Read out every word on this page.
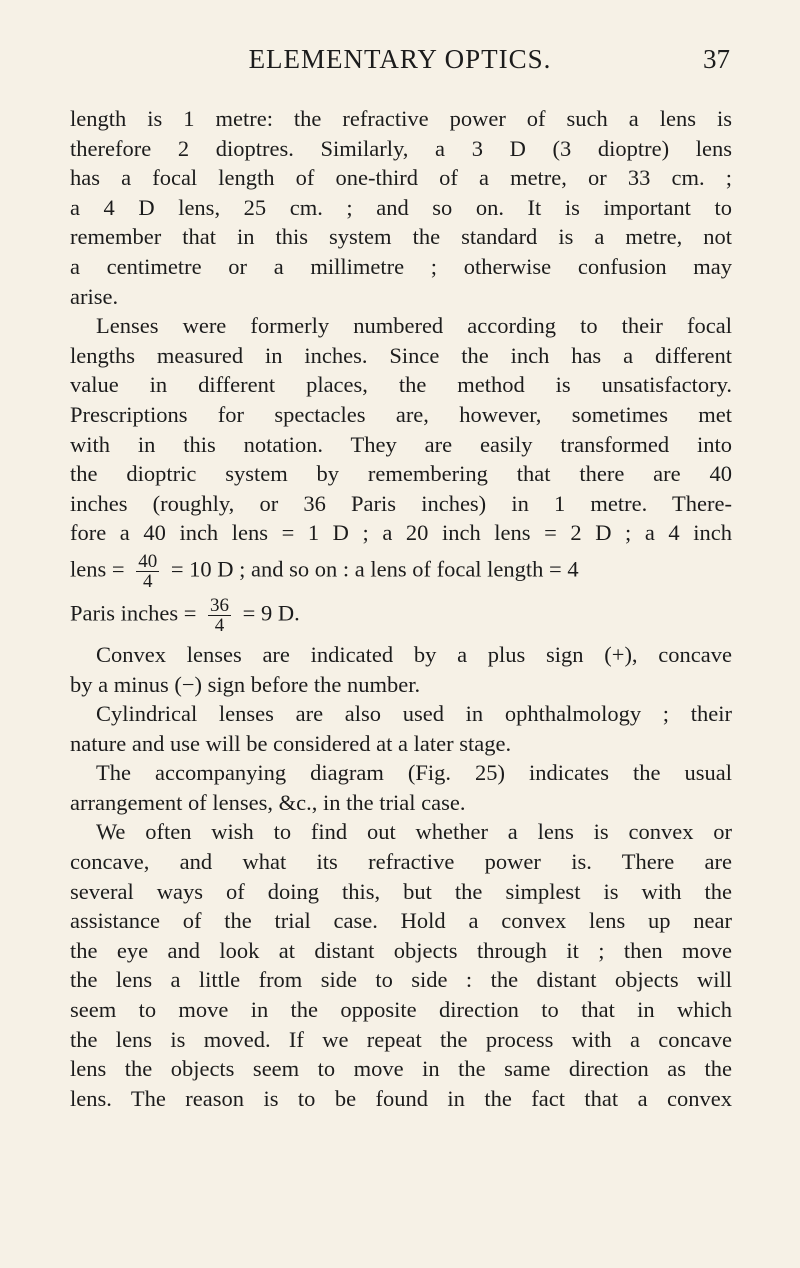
ELEMENTARY OPTICS.	37
length is 1 metre: the refractive power of such a lens is
therefore 2 dioptres. Similarly, a 3 D (3 dioptre) lens
has a focal length of one-third of a metre, or 33 cm. ;
a 4 D lens, 25 cm. ; and so on. It is important to
remember that in this system the standard is a metre, not
a centimetre or a millimetre ; otherwise confusion may
arise.
Lenses were formerly numbered according to their focal
lengths measured in inches. Since the inch has a different
value in different places, the method is unsatisfactory.
Prescriptions for spectacles are, however, sometimes met
with in this notation. They are easily transformed into
the dioptric system by remembering that there are 40
inches (roughly, or 36 Paris inches) in 1 metre. There-
fore a 40 inch lens = 1 D ; a 20 inch lens = 2 D ; a 4 inch
lens = $\frac{40}{4} = 10$ D ; and so on : a lens of focal length = 4
Paris inches = $\frac{36}{4} = 9$ D.
Convex lenses are indicated by a plus sign (+), concave
by a minus (−) sign before the number.
Cylindrical lenses are also used in ophthalmology ; their
nature and use will be considered at a later stage.
The accompanying diagram (Fig. 25) indicates the usual
arrangement of lenses, &c., in the trial case.
We often wish to find out whether a lens is convex or
concave, and what its refractive power is. There are
several ways of doing this, but the simplest is with the
assistance of the trial case. Hold a convex lens up near
the eye and look at distant objects through it ; then move
the lens a little from side to side : the distant objects will
seem to move in the opposite direction to that in which
the lens is moved. If we repeat the process with a concave
lens the objects seem to move in the same direction as the
lens. The reason is to be found in the fact that a convex
